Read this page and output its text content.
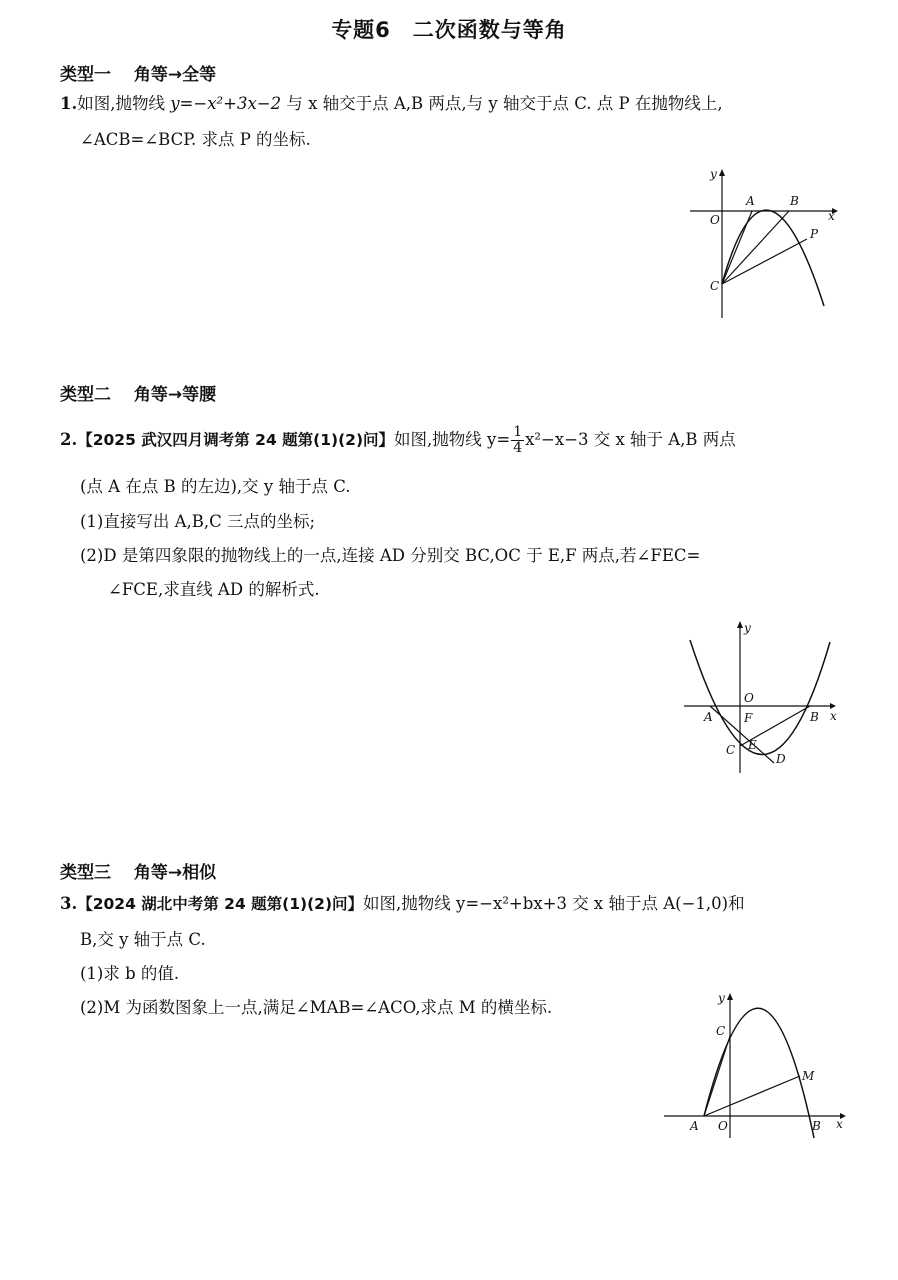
专题6　二次函数与等角
类型一　 角等→全等
1.如图,抛物线 y=−x²+3x−2 与 x 轴交于点 A,B 两点,与 y 轴交于点 C. 点 P 在抛物线上,
∠ACB=∠BCP. 求点 P 的坐标.
y
x
O
A	B
C
P
类型二　 角等→等腰
2.【2025 武汉四月调考第 24 题第(1)(2)问】如图,抛物线 $y= \frac{1}{4} x^2-x-3$ 交 x 轴于 A,B 两点
(点 A 在点 B 的左边),交 y 轴于点 C.
(1)直接写出 A,B,C 三点的坐标;
(2)D 是第四象限的抛物线上的一点,连接 AD 分别交 BC,OC 于 E,F 两点,若∠FEC=
∠FCE,求直线 AD 的解析式.
y
x
O
A	F	B
C E
D
类型三　 角等→相似
3.【2024 湖北中考第 24 题第(1)(2)问】如图,抛物线 y=−x²+bx+3 交 x 轴于点 A(−1,0)和
B,交 y 轴于点 C.
(1)求 b 的值.
(2)M 为函数图象上一点,满足∠MAB=∠ACO,求点 M 的横坐标.	y
x
A O	B
C
M
